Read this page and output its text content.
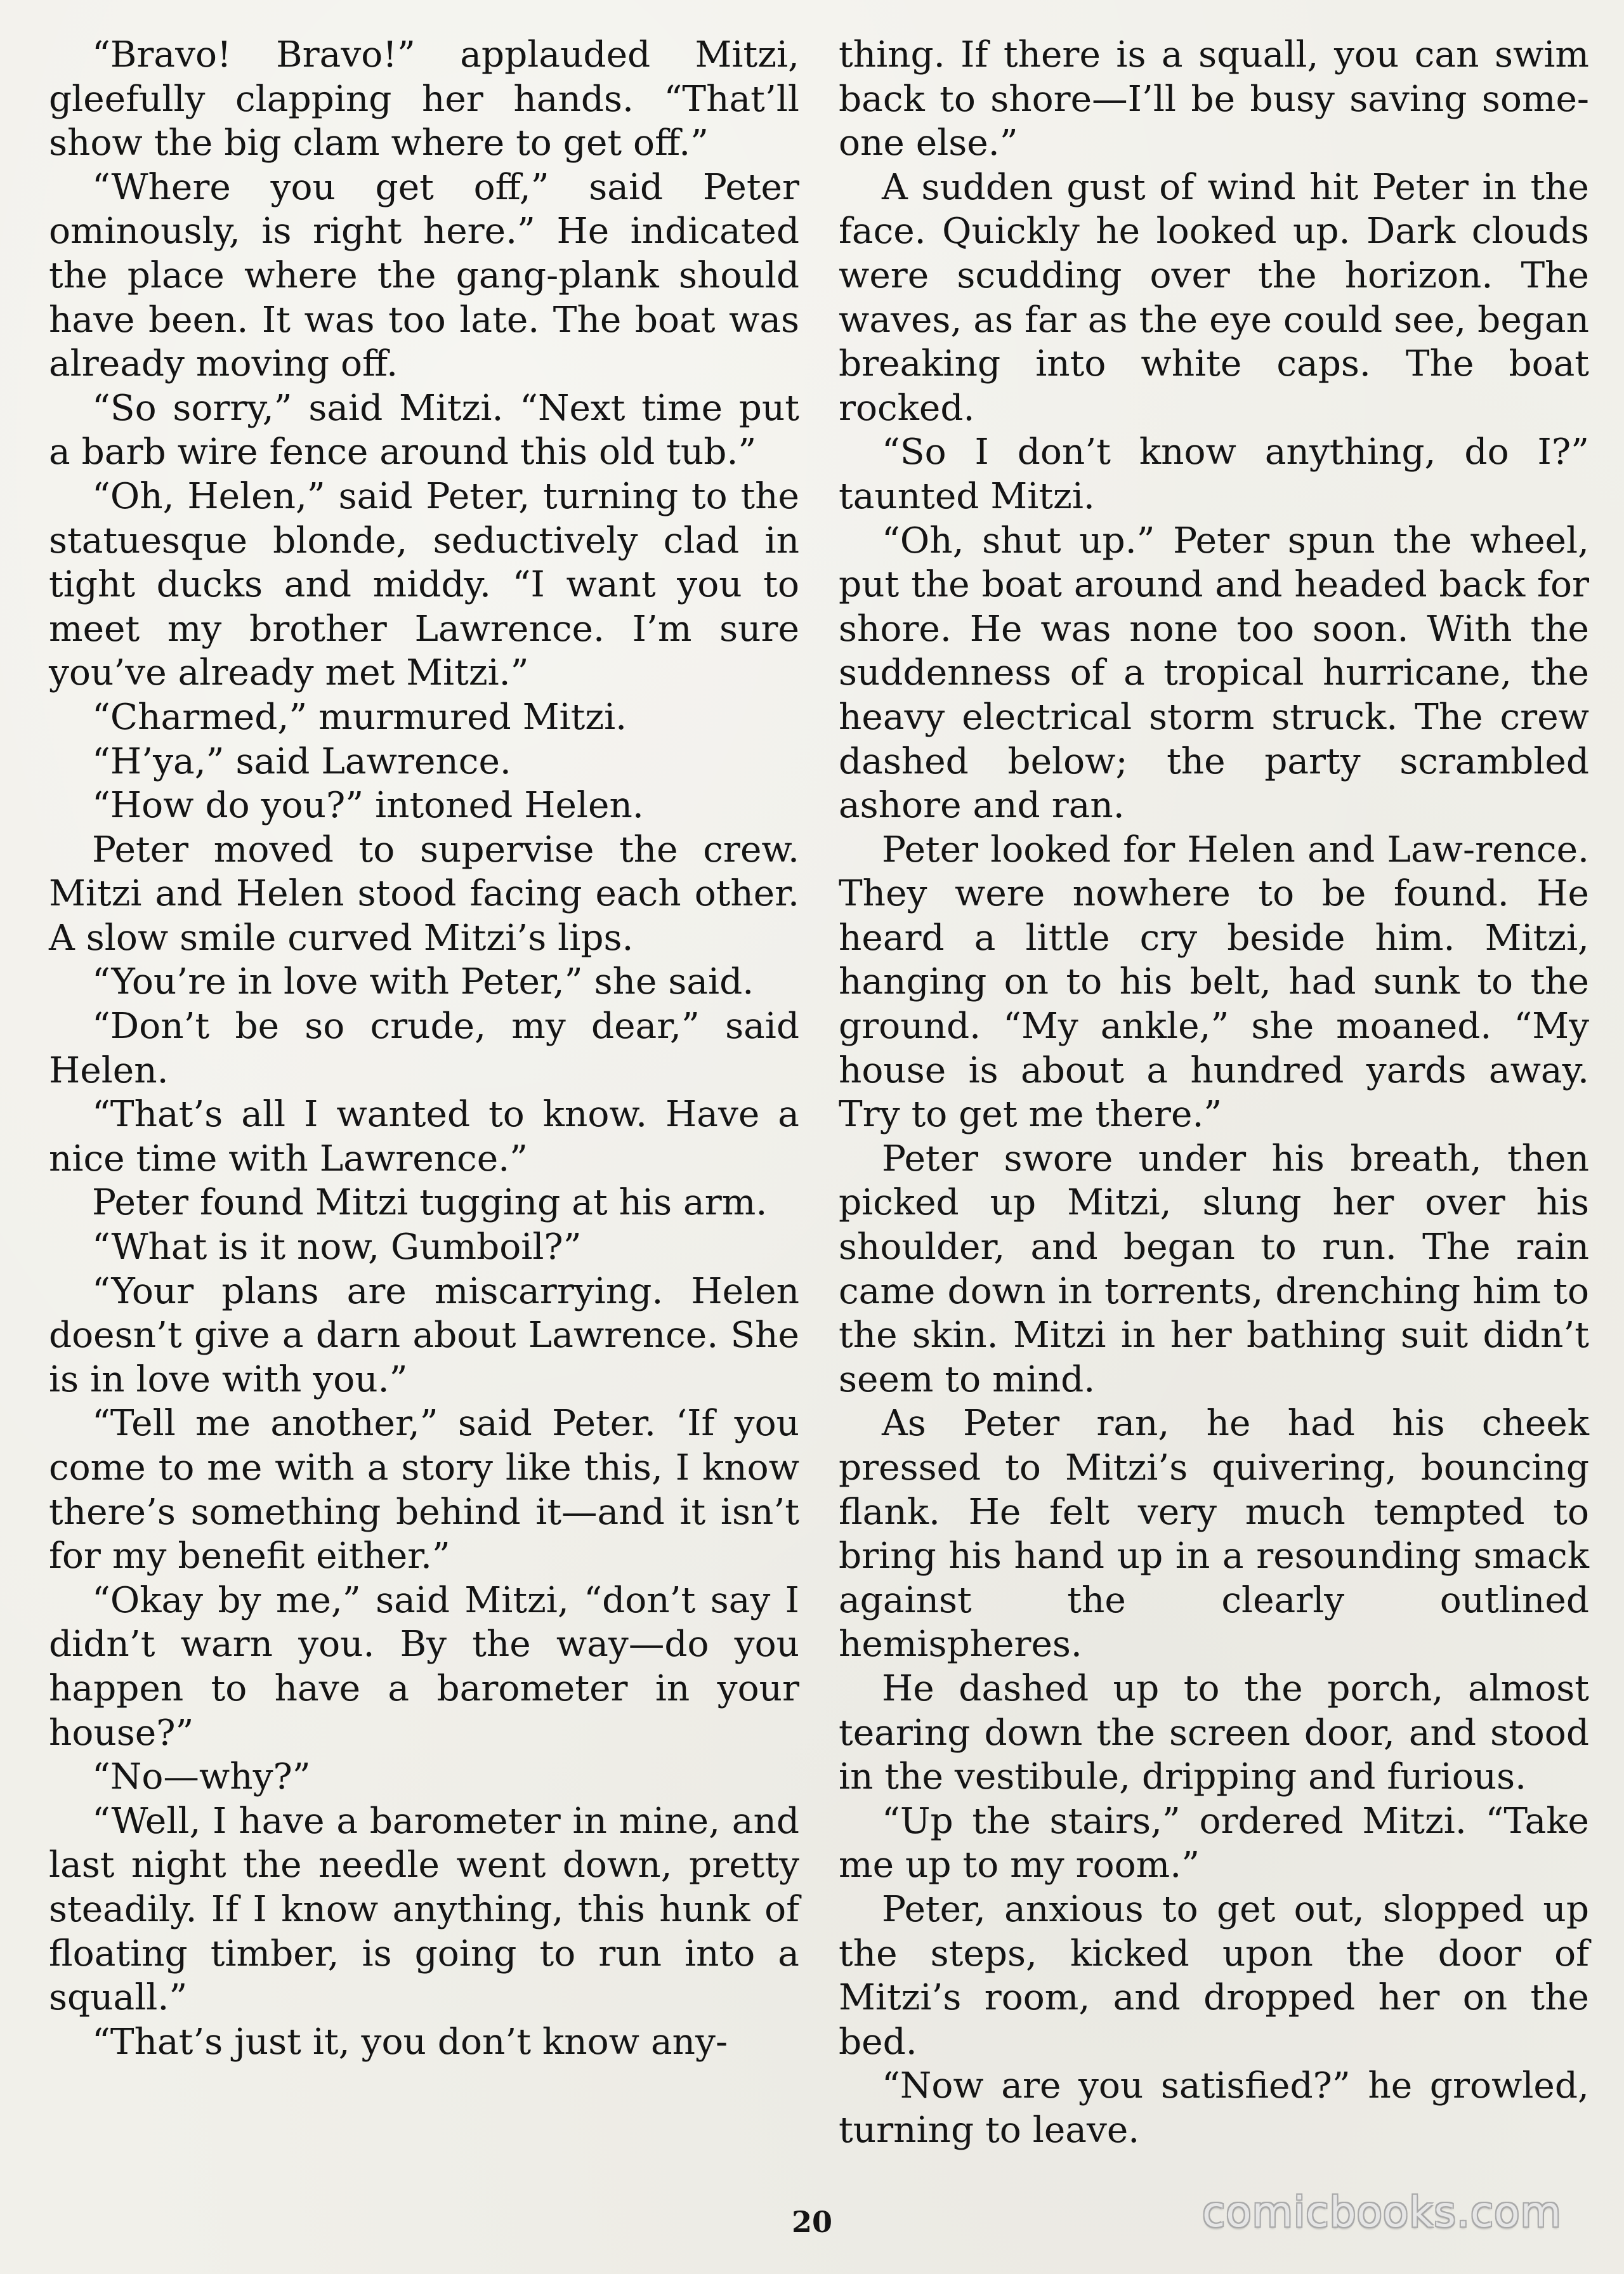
“Bravo! Bravo!” applauded Mitzi, gleefully clapping her hands. “That’ll show the big clam where to get off.”

“Where you get off,” said Peter ominously, is right here.” He indicated the place where the gang-plank should have been. It was too late. The boat was already moving off.

“So sorry,” said Mitzi. “Next time put a barb wire fence around this old tub.”

“Oh, Helen,” said Peter, turning to the statuesque blonde, seductively clad in tight ducks and middy. “I want you to meet my brother Lawrence. I’m sure you’ve already met Mitzi.”

“Charmed,” murmured Mitzi.

“H’ya,” said Lawrence.

“How do you?” intoned Helen.

Peter moved to supervise the crew. Mitzi and Helen stood facing each other. A slow smile curved Mitzi’s lips.

“You’re in love with Peter,” she said.

“Don’t be so crude, my dear,” said Helen.

“That’s all I wanted to know. Have a nice time with Lawrence.”

Peter found Mitzi tugging at his arm.

“What is it now, Gumboil?”

“Your plans are miscarrying. Helen doesn’t give a darn about Lawrence. She is in love with you.”

“Tell me another,” said Peter. ‘If you come to me with a story like this, I know there’s something behind it—and it isn’t for my benefit either.”

“Okay by me,” said Mitzi, “don’t say I didn’t warn you. By the way—do you happen to have a barometer in your house?”

“No—why?”

“Well, I have a barometer in mine, and last night the needle went down, pretty steadily. If I know anything, this hunk of floating timber, is going to run into a squall.”

“That’s just it, you don’t know any-

thing. If there is a squall, you can swim back to shore—I’ll be busy saving some-one else.”

A sudden gust of wind hit Peter in the face. Quickly he looked up. Dark clouds were scudding over the horizon. The waves, as far as the eye could see, began breaking into white caps. The boat rocked.

“So I don’t know anything, do I?” taunted Mitzi.

“Oh, shut up.” Peter spun the wheel, put the boat around and headed back for shore. He was none too soon. With the suddenness of a tropical hurricane, the heavy electrical storm struck. The crew dashed below; the party scrambled ashore and ran.

Peter looked for Helen and Law-rence. They were nowhere to be found. He heard a little cry beside him. Mitzi, hanging on to his belt, had sunk to the ground. “My ankle,” she moaned. “My house is about a hundred yards away. Try to get me there.”

Peter swore under his breath, then picked up Mitzi, slung her over his shoulder, and began to run. The rain came down in torrents, drenching him to the skin. Mitzi in her bathing suit didn’t seem to mind.

As Peter ran, he had his cheek pressed to Mitzi’s quivering, bouncing flank. He felt very much tempted to bring his hand up in a resounding smack against the clearly outlined hemispheres.

He dashed up to the porch, almost tearing down the screen door, and stood in the vestibule, dripping and furious.

“Up the stairs,” ordered Mitzi. “Take me up to my room.”

Peter, anxious to get out, slopped up the steps, kicked upon the door of Mitzi’s room, and dropped her on the bed.

“Now are you satisfied?” he growled, turning to leave.

20	comicbooks.com
